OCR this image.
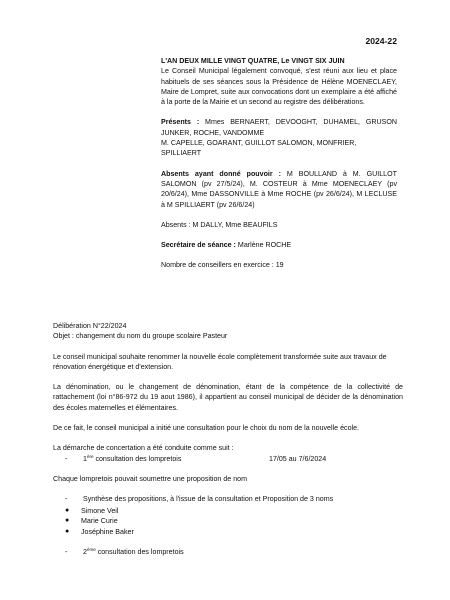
2024-22

L'AN DEUX MILLE VINGT QUATRE, Le VINGT SIX JUIN

Le Conseil Municipal légalement convoqué, s'est réuni aux lieu et place habituels de ses séances sous la Présidence de Hélène MOENECLAEY, Maire de Lompret, suite aux convocations dont un exemplaire a été affiché à la porte de la Mairie et un second au registre des délibérations.

Présents : Mmes BERNAERT, DEVOOGHT, DUHAMEL, GRUSON JUNKER, ROCHE, VANDOMME

M. CAPELLE, GOARANT, GUILLOT SALOMON, MONFRIER, SPILLIAERT

Absents ayant donné pouvoir : M BOULLAND à M. GUILLOT SALOMON (pv 27/5/24), M. COSTEUR à Mme MOENECLAEY (pv 20/6/24), Mme DASSONVILLE à Mme ROCHE (pv 26/6/24), M LECLUSE à M SPILLIAERT (pv 26/6/24)

Absents : M DALLY, Mme BEAUFILS

Secrétaire de séance : Marlène ROCHE

Nombre de conseillers en exercice : 19

Délibération N°22/2024

Objet : changement du nom du groupe scolaire Pasteur

Le conseil municipal souhaite renommer la nouvelle école complètement transformée suite aux travaux de rénovation énergétique et d'extension.

La dénomination, ou le changement de dénomination, étant de la compétence de la collectivité de rattachement (loi n°86-972 du 19 aout 1986), il appartient au conseil municipal de décider de la dénomination des écoles maternelles et élémentaires.

De ce fait, le conseil municipal a initié une consultation pour le choix du nom de la nouvelle école.

La démarche de concertation a été conduite comme suit :
-	1ère consultation des lompretois	17/05 au 7/6/2024
Chaque lompretois pouvait soumettre une proposition de nom
-	Synthèse des propositions, à l'issue de la consultation et Proposition de 3 noms
● Simone Veil
● Marie Curie
● Joséphine Baker
-	2ème consultation des lompretois
